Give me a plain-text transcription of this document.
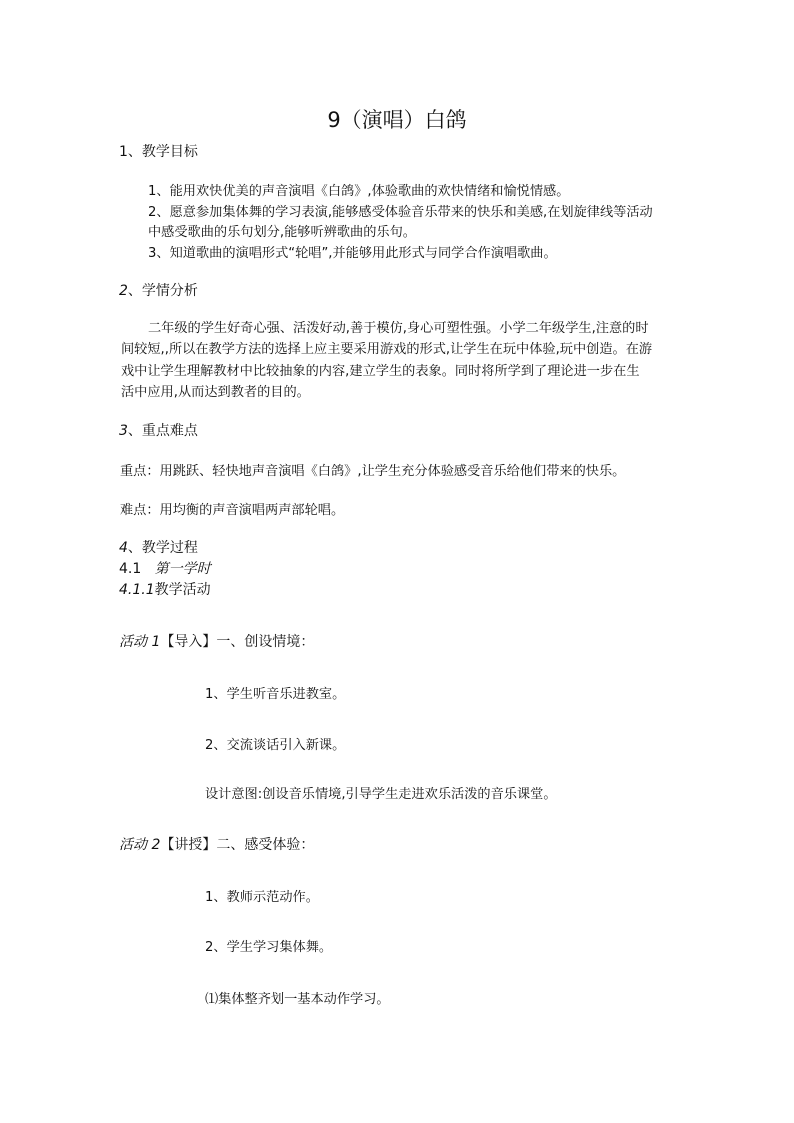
9（演唱）白鸽
1、教学目标
1、能用欢快优美的声音演唱《白鸽》,体验歌曲的欢快情绪和愉悦情感。
2、愿意参加集体舞的学习表演,能够感受体验音乐带来的快乐和美感,在划旋律线等活动
中感受歌曲的乐句划分,能够听辨歌曲的乐句。
3、知道歌曲的演唱形式“轮唱”,并能够用此形式与同学合作演唱歌曲。
2、学情分析
二年级的学生好奇心强、活泼好动,善于模仿,身心可塑性强。小学二年级学生,注意的时
间较短,,所以在教学方法的选择上应主要采用游戏的形式,让学生在玩中体验,玩中创造。在游
戏中让学生理解教材中比较抽象的内容,建立学生的表象。同时将所学到了理论进一步在生
活中应用,从而达到教者的目的。
3、重点难点
重点：用跳跃、轻快地声音演唱《白鸽》,让学生充分体验感受音乐给他们带来的快乐。
难点：用均衡的声音演唱两声部轮唱。
4、教学过程
4.1 第一学时
4.1.1教学活动
活动 1【导入】一、创设情境：
1、学生听音乐进教室。
2、交流谈话引入新课。
设计意图:创设音乐情境,引导学生走进欢乐活泼的音乐课堂。
活动 2【讲授】二、感受体验：
1、教师示范动作。
2、学生学习集体舞。
⑴集体整齐划一基本动作学习。
